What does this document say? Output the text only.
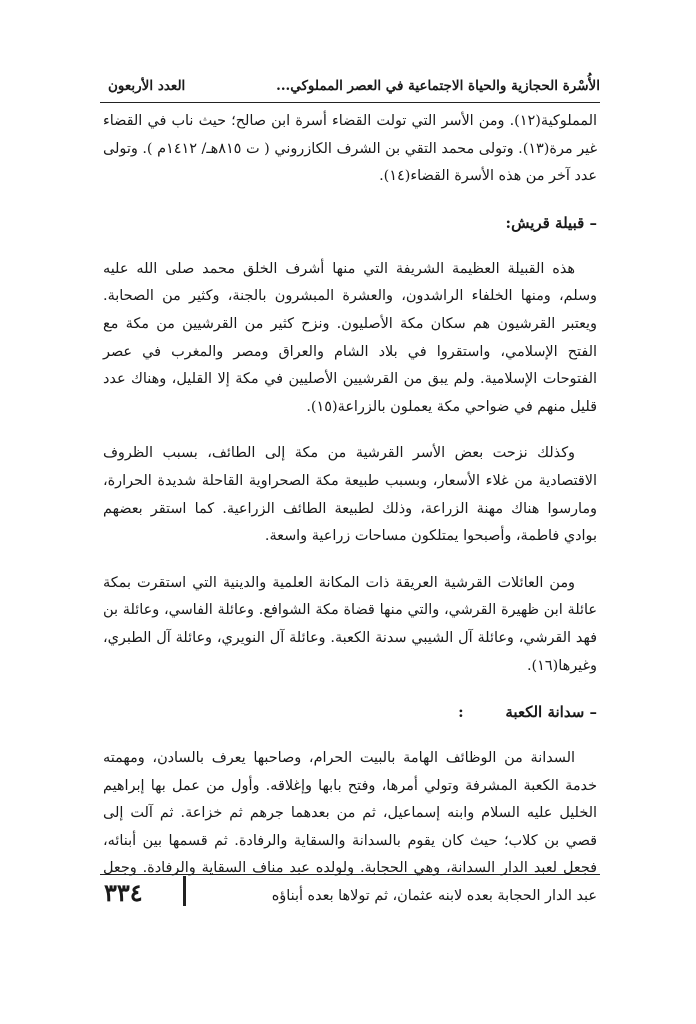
الأُسْرة الحجازية والحياة الاجتماعية في العصر المملوكي...
العدد الأربعون

المملوكية(١٢). ومن الأسر التي تولت القضاء أسرة ابن صالح؛ حيث ناب في القضاء غير مرة(١٣). وتولى محمد التقي بن الشرف الكازروني ( ت ٨١٥هـ/ ١٤١٢م ). وتولى عدد آخر من هذه الأسرة القضاء(١٤).

– قبيلة قريش:

هذه القبيلة العظيمة الشريفة التي منها أشرف الخلق محمد صلى الله عليه وسلم، ومنها الخلفاء الراشدون، والعشرة المبشرون بالجنة، وكثير من الصحابة. ويعتبر القرشيون هم سكان مكة الأصليون. ونزح كثير من القرشيين من مكة مع الفتح الإسلامي، واستقروا في بلاد الشام والعراق ومصر والمغرب في عصر الفتوحات الإسلامية. ولم يبق من القرشيين الأصليين في مكة إلا القليل، وهناك عدد قليل منهم في ضواحي مكة يعملون بالزراعة(١٥).

وكذلك نزحت بعض الأسر القرشية من مكة إلى الطائف، بسبب الظروف الاقتصادية من غلاء الأسعار، وبسبب طبيعة مكة الصحراوية القاحلة شديدة الحرارة، ومارسوا هناك مهنة الزراعة، وذلك لطبيعة الطائف الزراعية. كما استقر بعضهم بوادي فاطمة، وأصبحوا يمتلكون مساحات زراعية واسعة.

ومن العائلات القرشية العريقة ذات المكانة العلمية والدينية التي استقرت بمكة عائلة ابن ظهيرة القرشي، والتي منها قضاة مكة الشوافع. وعائلة الفاسي، وعائلة بن فهد القرشي، وعائلة آل الشيبي سدنة الكعبة. وعائلة آل النويري، وعائلة آل الطبري، وغيرها(١٦).

– سدانة الكعبة        :

السدانة من الوظائف الهامة بالبيت الحرام، وصاحبها يعرف بالسادن، ومهمته خدمة الكعبة المشرفة وتولي أمرها، وفتح بابها وإغلاقه. وأول من عمل بها إبراهيم الخليل عليه السلام وابنه إسماعيل، ثم من بعدهما جرهم ثم خزاعة. ثم آلت إلى قصي بن كلاب؛ حيث كان يقوم بالسدانة والسقاية والرفادة. ثم قسمها بين أبنائه، فجعل لعبد الدار السدانة، وهي الحجابة. ولولده عبد مناف السقاية والرفادة. وجعل عبد الدار الحجابة بعده لابنه عثمان، ثم تولاها بعده أبناؤه

٣٣٤
